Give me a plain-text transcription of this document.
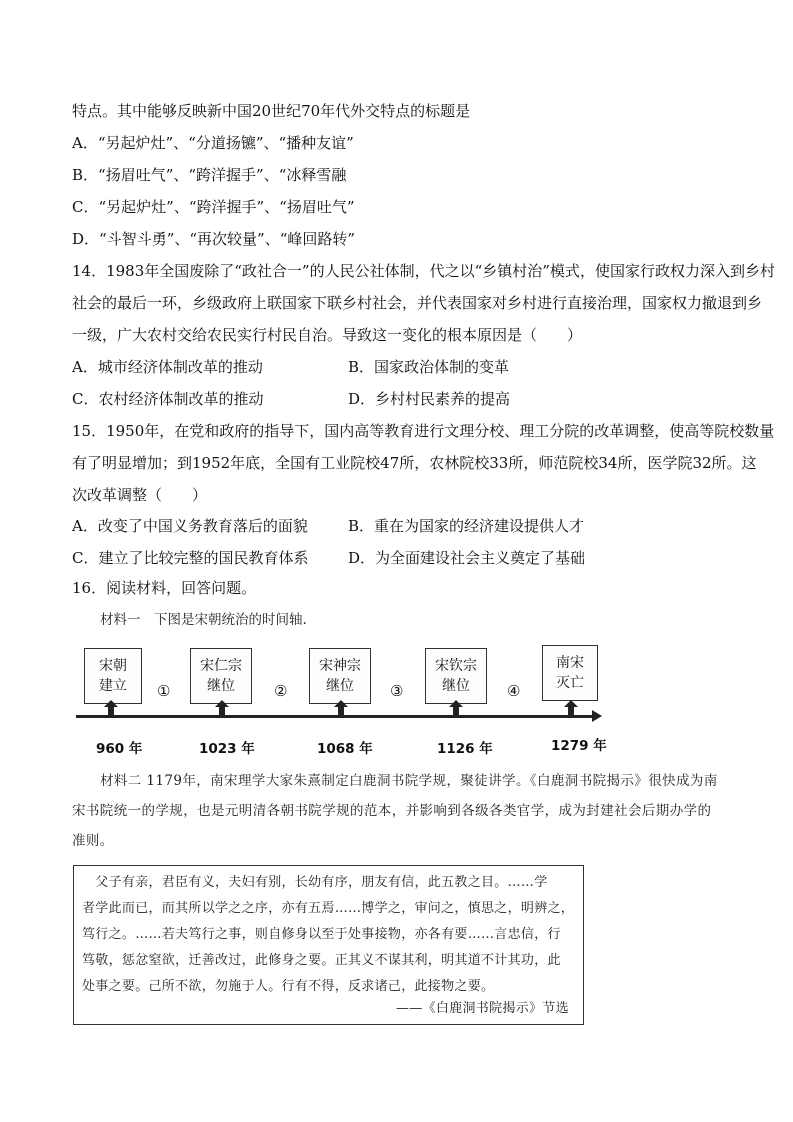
特点。其中能够反映新中国20世纪70年代外交特点的标题是
A．“另起炉灶”、“分道扬镳”、“播种友谊”
B．“扬眉吐气”、“跨洋握手”、“冰释雪融
C．“另起炉灶”、“跨洋握手”、“扬眉吐气”
D．“斗智斗勇”、“再次较量”、“峰回路转”
14．1983年全国废除了“政社合一”的人民公社体制，代之以“乡镇村治”模式，使国家行政权力深入到乡村
社会的最后一环，乡级政府上联国家下联乡村社会，并代表国家对乡村进行直接治理，国家权力撤退到乡
一级，广大农村交给农民实行村民自治。导致这一变化的根本原因是（　　）
A．城市经济体制改革的推动	B．国家政治体制的变革
C．农村经济体制改革的推动	D．乡村村民素养的提高
15．1950年，在党和政府的指导下，国内高等教育进行文理分校、理工分院的改革调整，使高等院校数量
有了明显增加；到1952年底，全国有工业院校47所，农林院校33所，师范院校34所，医学院32所。这
次改革调整（　　）
A．改变了中国义务教育落后的面貌	B．重在为国家的经济建设提供人才
C．建立了比较完整的国民教育体系	D．为全面建设社会主义奠定了基础
16．阅读材料，回答问题。
材料一　下图是宋朝统治的时间轴.
宋朝
建立
宋仁宗
继位
宋神宗
继位
宋钦宗
继位
南宋
灭亡
①	②	③	④
960 年	1023 年	1068 年	1126 年	1279 年
材料二 1179年，南宋理学大家朱熹制定白鹿洞书院学规，聚徒讲学。《白鹿洞书院揭示》很快成为南宋书院统一的学规，也是元明清各朝书院学规的范本，并影响到各级各类官学，成为封建社会后期办学的准则。
　父子有亲，君臣有义，夫妇有别，长幼有序，朋友有信，此五教之目。……学
者学此而已，而其所以学之之序，亦有五焉……博学之，审问之，慎思之，明辨之，
笃行之。……若夫笃行之事，则自修身以至于处事接物，亦各有要……言忠信，行
笃敬，惩忿窒欲，迁善改过，此修身之要。正其义不谋其利，明其道不计其功，此
处事之要。己所不欲，勿施于人。行有不得，反求诸己，此接物之要。
——《白鹿洞书院揭示》节选
